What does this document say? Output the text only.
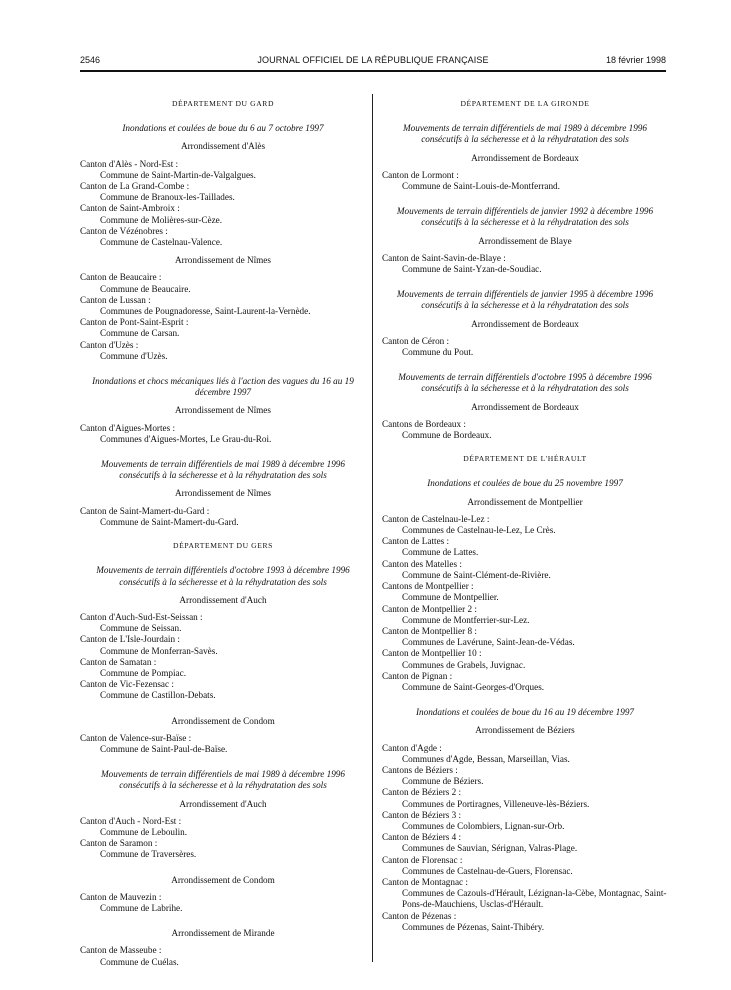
2546	JOURNAL OFFICIEL DE LA RÉPUBLIQUE FRANÇAISE	18 février 1998
DÉPARTEMENT DU GARD
Inondations et coulées de boue du 6 au 7 octobre 1997
Arrondissement d'Alès
Canton d'Alès - Nord-Est :
Commune de Saint-Martin-de-Valgalgues.
Canton de La Grand-Combe :
Commune de Branoux-les-Taillades.
Canton de Saint-Ambroix :
Commune de Molières-sur-Cèze.
Canton de Vézénobres :
Commune de Castelnau-Valence.
Arrondissement de Nîmes
Canton de Beaucaire :
Commune de Beaucaire.
Canton de Lussan :
Communes de Pougnadoresse, Saint-Laurent-la-Vernède.
Canton de Pont-Saint-Esprit :
Commune de Carsan.
Canton d'Uzès :
Commune d'Uzès.
Inondations et chocs mécaniques liés à l'action des vagues du 16 au 19 décembre 1997
Arrondissement de Nîmes
Canton d'Aigues-Mortes :
Communes d'Aigues-Mortes, Le Grau-du-Roi.
Mouvements de terrain différentiels de mai 1989 à décembre 1996 consécutifs à la sécheresse et à la réhydratation des sols
Arrondissement de Nîmes
Canton de Saint-Mamert-du-Gard :
Commune de Saint-Mamert-du-Gard.
DÉPARTEMENT DU GERS
Mouvements de terrain différentiels d'octobre 1993 à décembre 1996 consécutifs à la sécheresse et à la réhydratation des sols
Arrondissement d'Auch
Canton d'Auch-Sud-Est-Seissan :
Commune de Seissan.
Canton de L'Isle-Jourdain :
Commune de Monferran-Savès.
Canton de Samatan :
Commune de Pompiac.
Canton de Vic-Fezensac :
Commune de Castillon-Debats.
Arrondissement de Condom
Canton de Valence-sur-Baïse :
Commune de Saint-Paul-de-Baïse.
Mouvements de terrain différentiels de mai 1989 à décembre 1996 consécutifs à la sécheresse et à la réhydratation des sols
Arrondissement d'Auch
Canton d'Auch - Nord-Est :
Commune de Leboulin.
Canton de Saramon :
Commune de Traversères.
Arrondissement de Condom
Canton de Mauvezin :
Commune de Labrihe.
Arrondissement de Mirande
Canton de Masseube :
Commune de Cuélas.
DÉPARTEMENT DE LA GIRONDE
Mouvements de terrain différentiels de mai 1989 à décembre 1996 consécutifs à la sécheresse et à la réhydratation des sols
Arrondissement de Bordeaux
Canton de Lormont :
Commune de Saint-Louis-de-Montferrand.
Mouvements de terrain différentiels de janvier 1992 à décembre 1996 consécutifs à la sécheresse et à la réhydratation des sols
Arrondissement de Blaye
Canton de Saint-Savin-de-Blaye :
Commune de Saint-Yzan-de-Soudiac.
Mouvements de terrain différentiels de janvier 1995 à décembre 1996 consécutifs à la sécheresse et à la réhydratation des sols
Arrondissement de Bordeaux
Canton de Céron :
Commune du Pout.
Mouvements de terrain différentiels d'octobre 1995 à décembre 1996 consécutifs à la sécheresse et à la réhydratation des sols
Arrondissement de Bordeaux
Cantons de Bordeaux :
Commune de Bordeaux.
DÉPARTEMENT DE L'HÉRAULT
Inondations et coulées de boue du 25 novembre 1997
Arrondissement de Montpellier
Canton de Castelnau-le-Lez :
Communes de Castelnau-le-Lez, Le Crès.
Canton de Lattes :
Commune de Lattes.
Canton des Matelles :
Commune de Saint-Clément-de-Rivière.
Cantons de Montpellier :
Commune de Montpellier.
Canton de Montpellier 2 :
Commune de Montferrier-sur-Lez.
Canton de Montpellier 8 :
Communes de Lavérune, Saint-Jean-de-Védas.
Canton de Montpellier 10 :
Communes de Grabels, Juvignac.
Canton de Pignan :
Commune de Saint-Georges-d'Orques.
Inondations et coulées de boue du 16 au 19 décembre 1997
Arrondissement de Béziers
Canton d'Agde :
Communes d'Agde, Bessan, Marseillan, Vias.
Cantons de Béziers :
Commune de Béziers.
Canton de Béziers 2 :
Communes de Portiragnes, Villeneuve-lès-Béziers.
Canton de Béziers 3 :
Communes de Colombiers, Lignan-sur-Orb.
Canton de Béziers 4 :
Communes de Sauvian, Sérignan, Valras-Plage.
Canton de Florensac :
Communes de Castelnau-de-Guers, Florensac.
Canton de Montagnac :
Communes de Cazouls-d'Hérault, Lézignan-la-Cèbe, Montagnac, Saint-Pons-de-Mauchiens, Usclas-d'Hérault.
Canton de Pézenas :
Communes de Pézenas, Saint-Thibéry.
